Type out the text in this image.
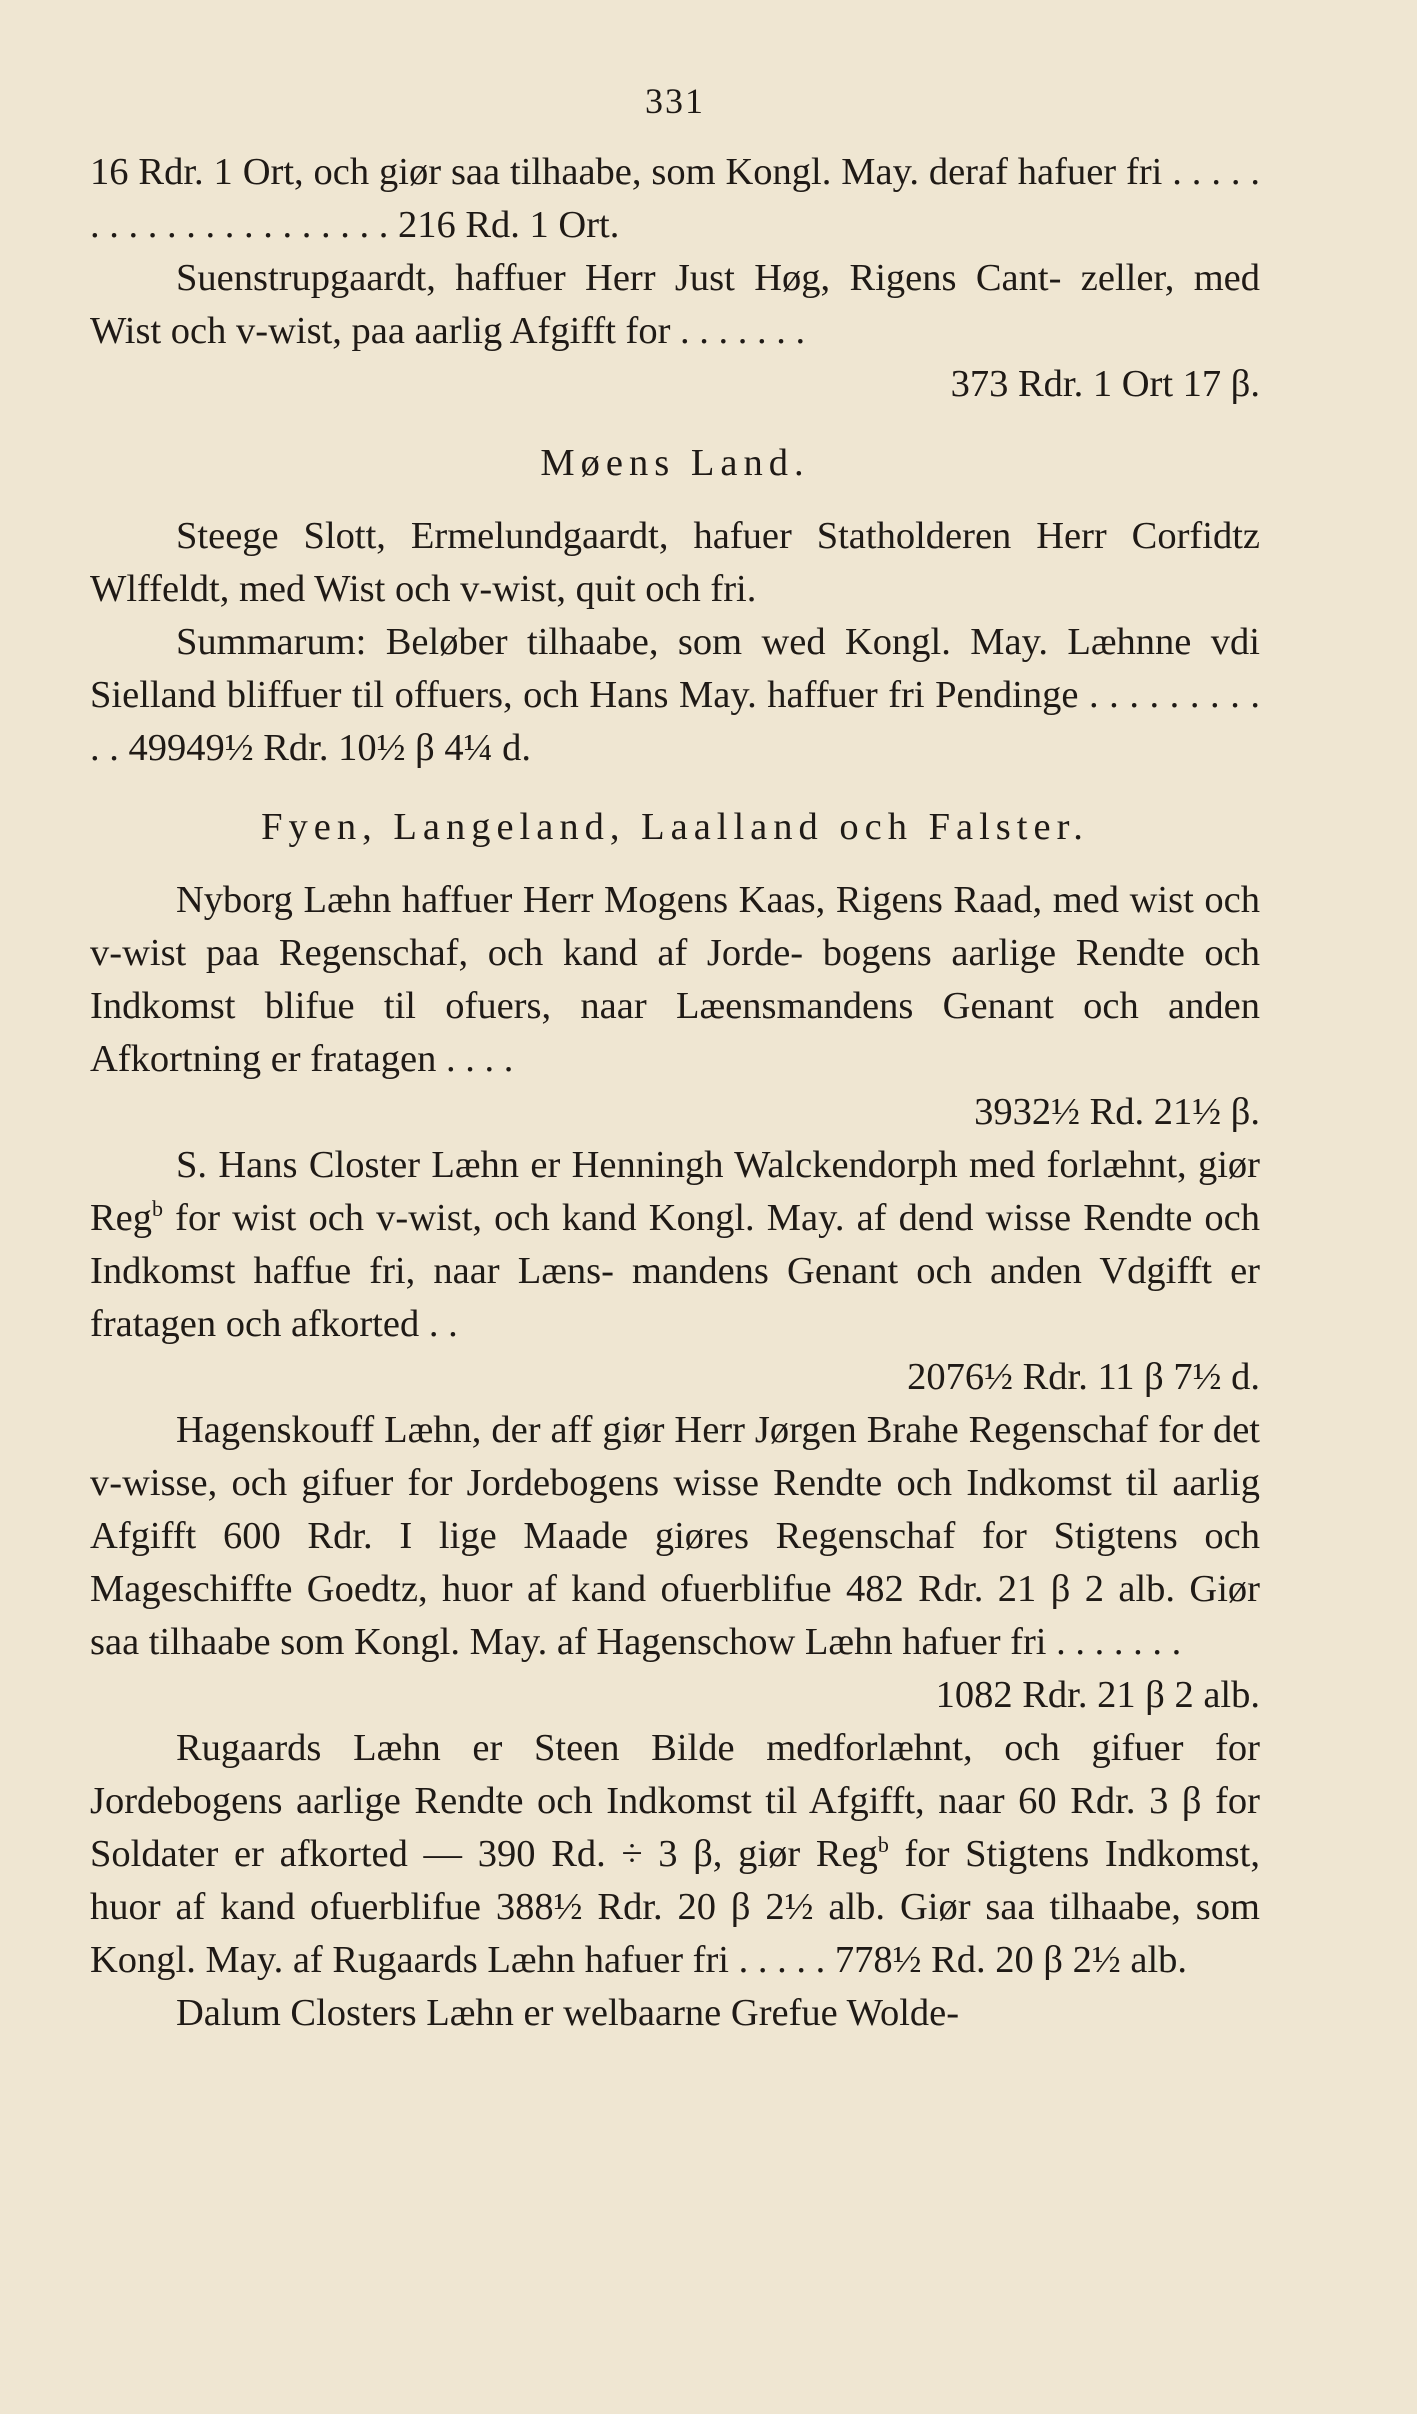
331
16 Rdr. 1 Ort, och giør saa tilhaabe, som Kongl. May. deraf hafuer fri . . . . . . . . . . . . . . . . . . . . . 216 Rd. 1 Ort.
Suenstrupgaardt, haffuer Herr Just Høg, Rigens Cant- zeller, med Wist och v-wist, paa aarlig Afgifft for . . . . . . .
373 Rdr. 1 Ort 17 β.
Møens Land.
Steege Slott, Ermelundgaardt, hafuer Statholderen Herr Corfidtz Wlffeldt, med Wist och v-wist, quit och fri.
Summarum: Beløber tilhaabe, som wed Kongl. May. Læhnne vdi Sielland bliffuer til offuers, och Hans May. haffuer fri Pendinge . . . . . . . . . . . 49949½ Rdr. 10½ β 4¼ d.
Fyen, Langeland, Laalland och Falster.
Nyborg Læhn haffuer Herr Mogens Kaas, Rigens Raad, med wist och v-wist paa Regenschaf, och kand af Jorde- bogens aarlige Rendte och Indkomst blifue til ofuers, naar Læensmandens Genant och anden Afkortning er fratagen . . . .
3932½ Rd. 21½ β.
S. Hans Closter Læhn er Henningh Walckendorph med forlæhnt, giør Reg$^b$ for wist och v-wist, och kand Kongl. May. af dend wisse Rendte och Indkomst haffue fri, naar Læns- mandens Genant och anden Vdgifft er fratagen och afkorted . .
2076½ Rdr. 11 β 7½ d.
Hagenskouff Læhn, der aff giør Herr Jørgen Brahe Regenschaf for det v-wisse, och gifuer for Jordebogens wisse Rendte och Indkomst til aarlig Afgifft 600 Rdr. I lige Maade giøres Regenschaf for Stigtens och Mageschiffte Goedtz, huor af kand ofuerblifue 482 Rdr. 21 β 2 alb. Giør saa tilhaabe som Kongl. May. af Hagenschow Læhn hafuer fri . . . . . . .
1082 Rdr. 21 β 2 alb.
Rugaards Læhn er Steen Bilde medforlæhnt, och gifuer for Jordebogens aarlige Rendte och Indkomst til Afgifft, naar 60 Rdr. 3 β for Soldater er afkorted — 390 Rd. ÷ 3 β, giør Reg$^b$ for Stigtens Indkomst, huor af kand ofuerblifue 388½ Rdr. 20 β 2½ alb. Giør saa tilhaabe, som Kongl. May. af Rugaards Læhn hafuer fri . . . . . 778½ Rd. 20 β 2½ alb.
Dalum Closters Læhn er welbaarne Grefue Wolde-
